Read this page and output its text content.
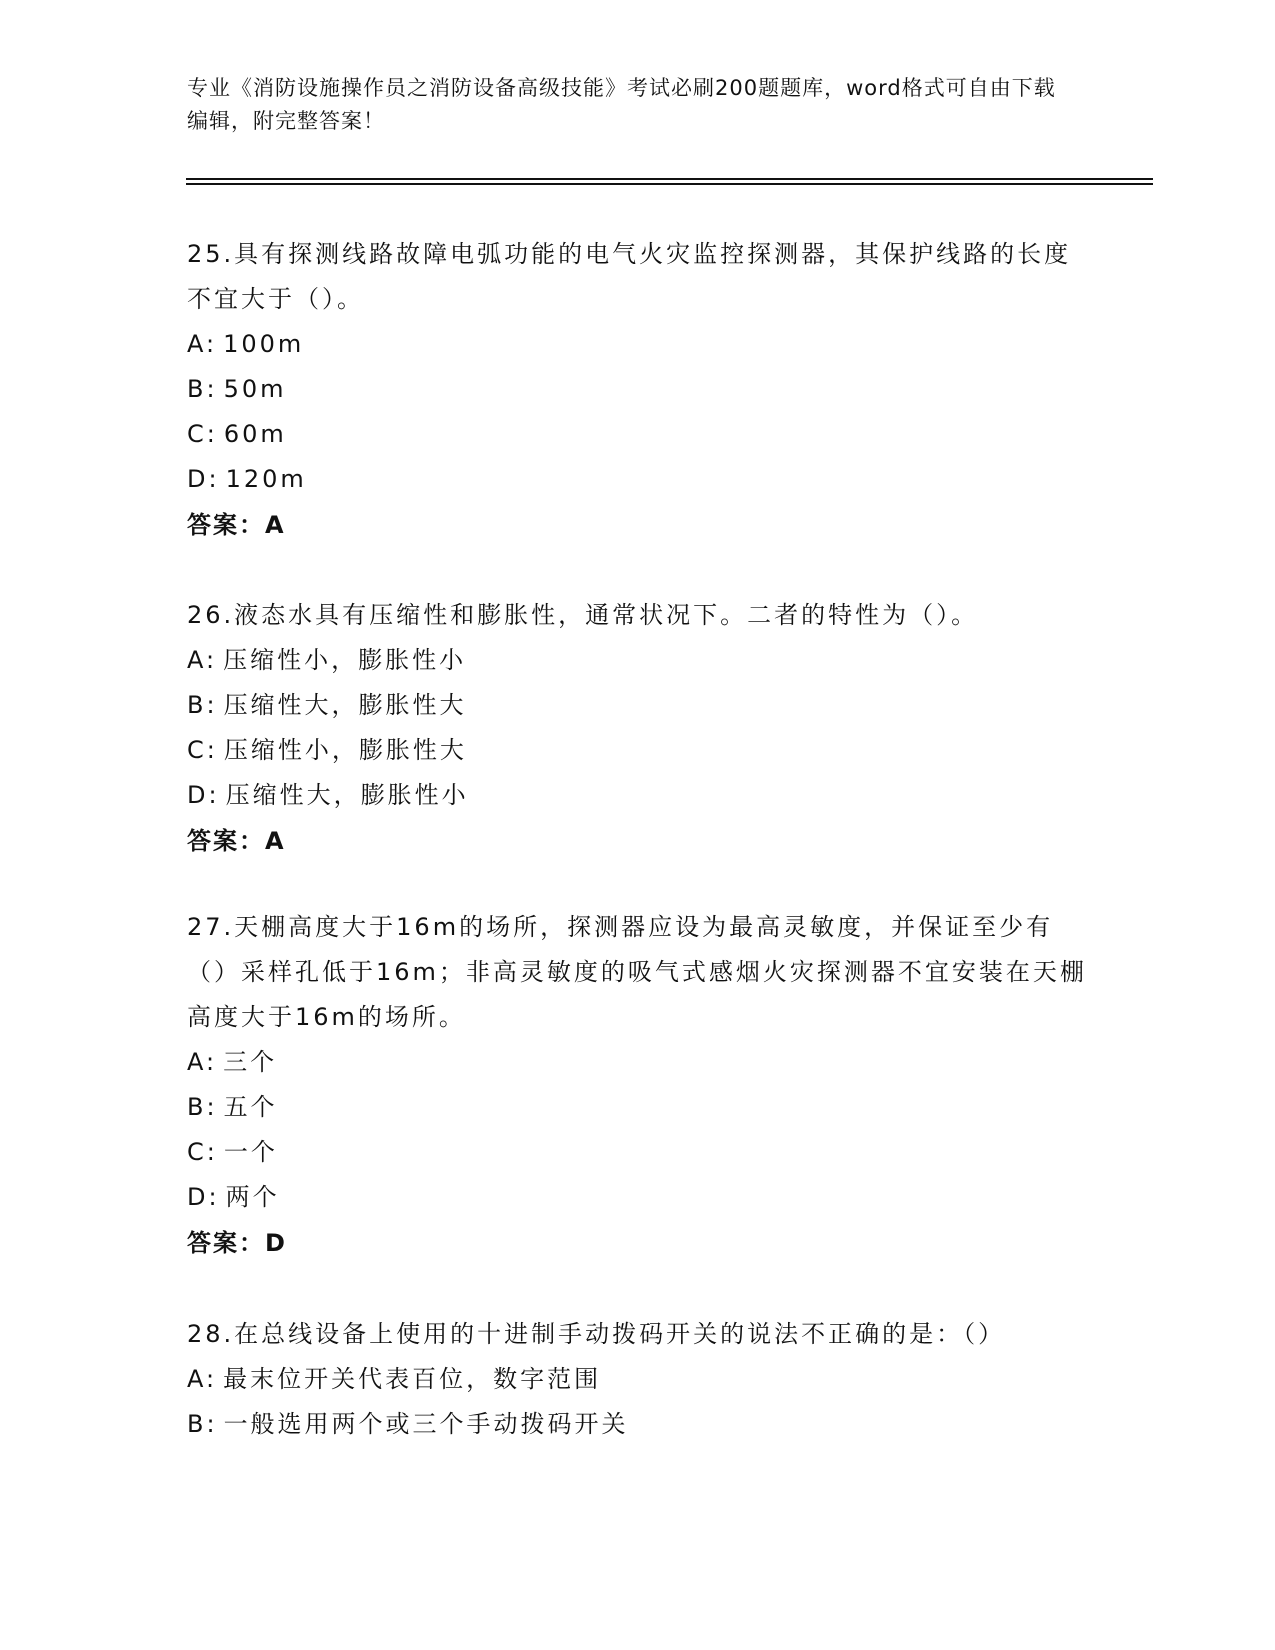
专业《消防设施操作员之消防设备高级技能》考试必刷200题题库，word格式可自由下载编辑，附完整答案！

25.具有探测线路故障电弧功能的电气火灾监控探测器，其保护线路的长度不宜大于（）。

A: 100m
B: 50m
C: 60m
D: 120m
答案：A

26.液态水具有压缩性和膨胀性，通常状况下。二者的特性为（）。

A: 压缩性小，膨胀性小
B: 压缩性大，膨胀性大
C: 压缩性小，膨胀性大
D: 压缩性大，膨胀性小
答案：A

27.天棚高度大于16m的场所，探测器应设为最高灵敏度，并保证至少有（）采样孔低于16m；非高灵敏度的吸气式感烟火灾探测器不宜安装在天棚高度大于16m的场所。

A: 三个
B: 五个
C: 一个
D: 两个
答案：D

28.在总线设备上使用的十进制手动拨码开关的说法不正确的是：（）

A: 最末位开关代表百位，数字范围
B: 一般选用两个或三个手动拨码开关
